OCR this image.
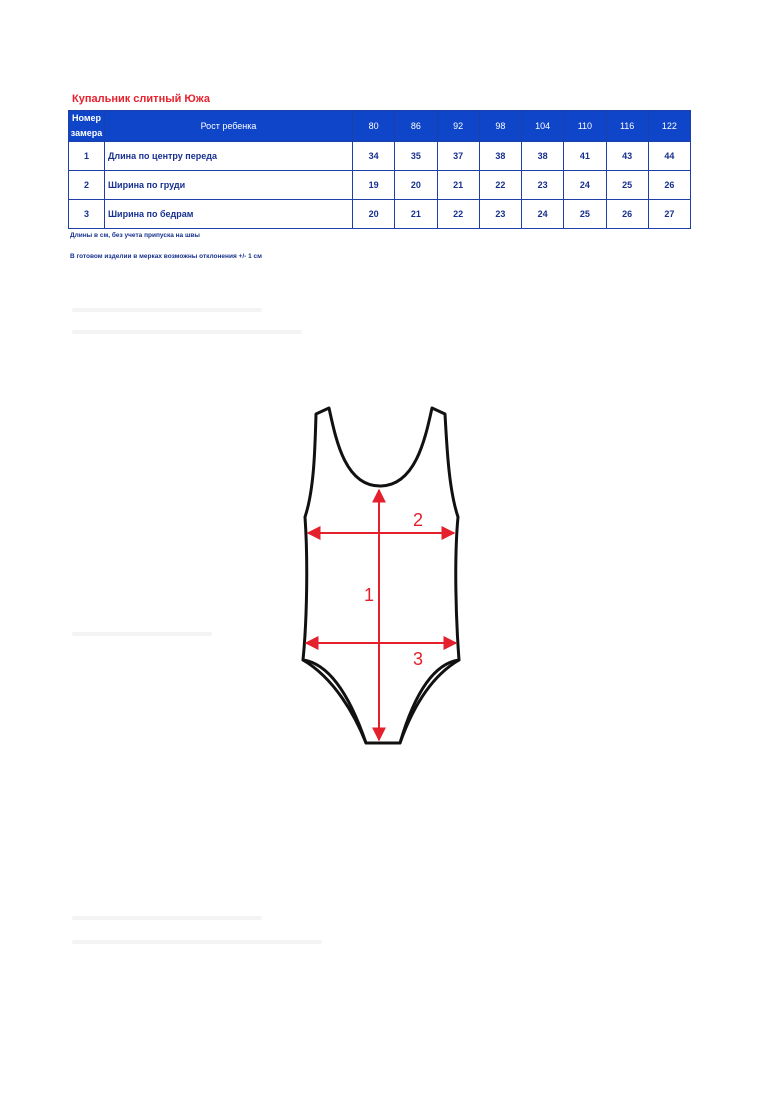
Купальник слитный Южа
Номер
замера	Рост ребенка	80	86	92	98	104	110	116	122
1	Длина по центру переда	34	35	37	38	38	41	43	44
2	Ширина по груди	19	20	21	22	23	24	25	26
3	Ширина по бедрам	20	21	22	23	24	25	26	27
Длины в см, без учета припуска на швы
В готовом изделии в мерках возможны отклонения +/- 1 см
1
2
3
